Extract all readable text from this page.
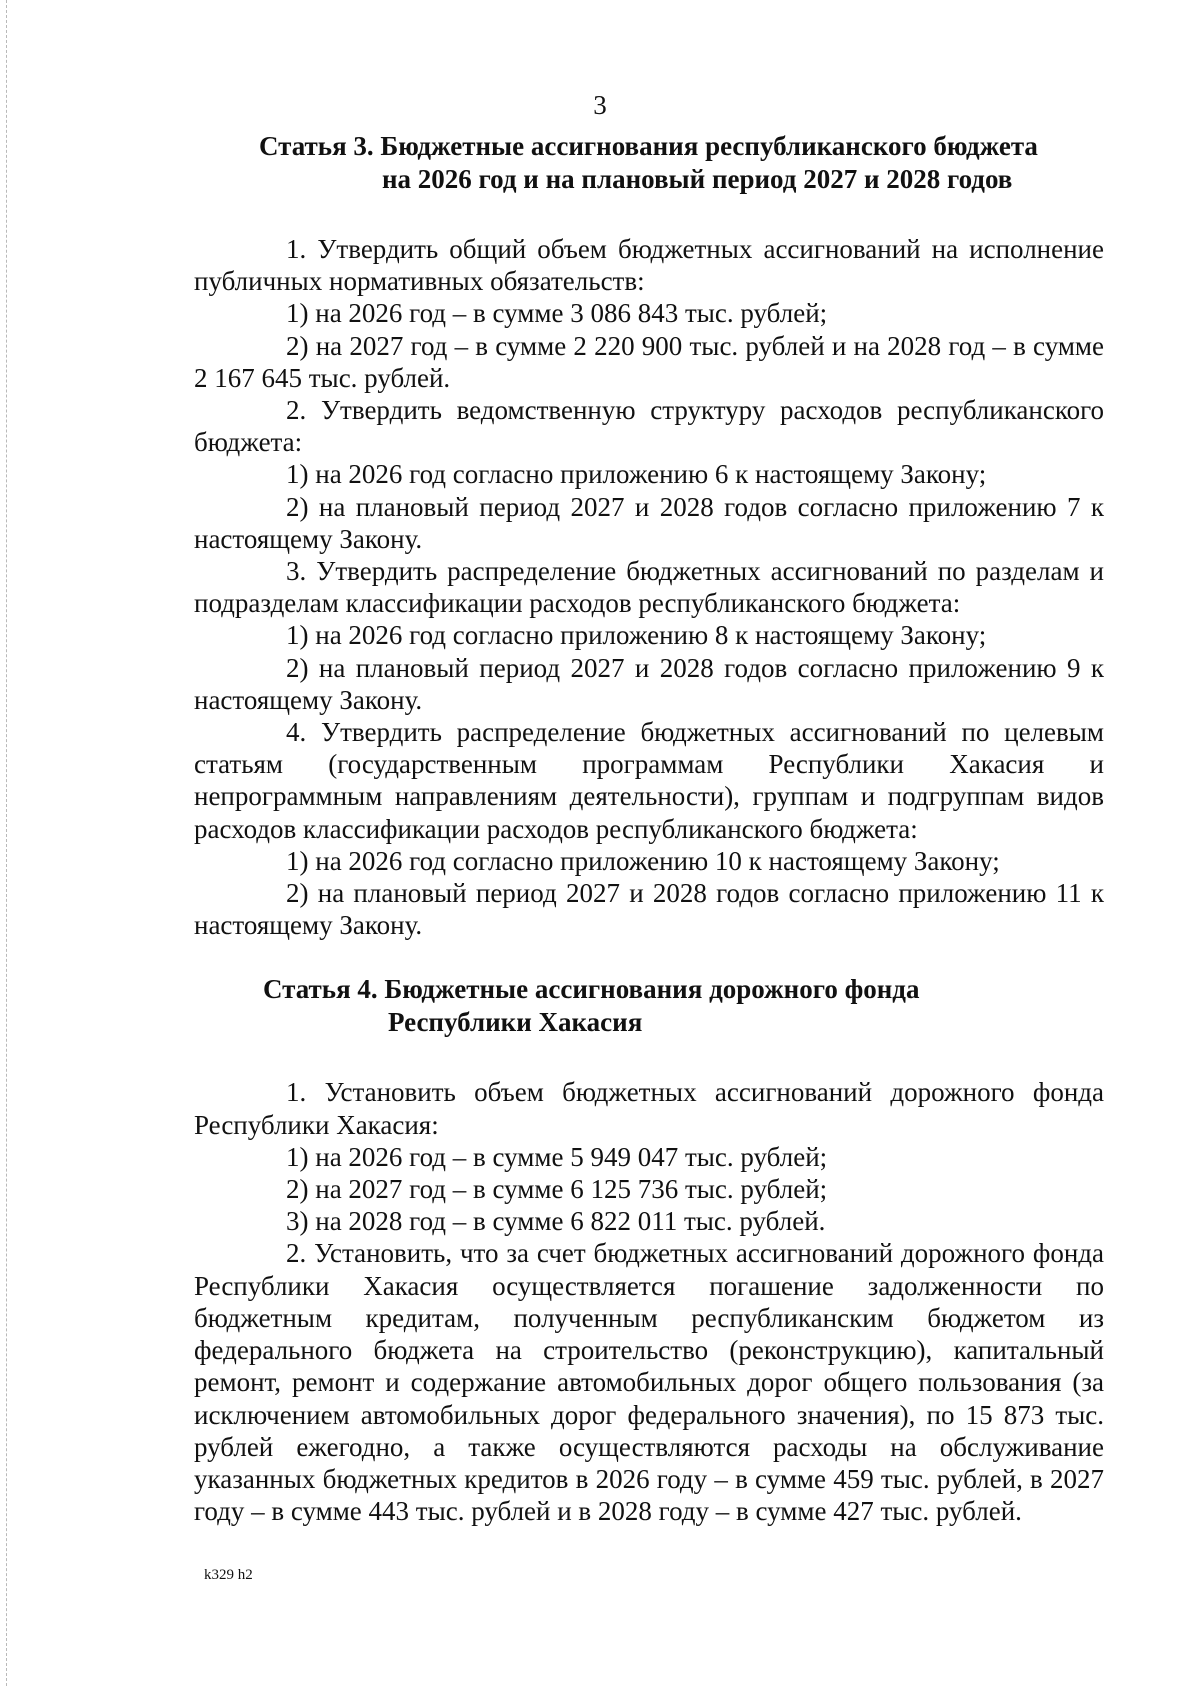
3
Статья 3. Бюджетные ассигнования республиканского бюджета
на 2026 год и на плановый период 2027 и 2028 годов

1. Утвердить общий объем бюджетных ассигнований на исполнение публичных нормативных обязательств:

1) на 2026 год – в сумме 3 086 843 тыс. рублей;

2) на 2027 год – в сумме 2 220 900 тыс. рублей и на 2028 год – в сумме 2 167 645 тыс. рублей.

2. Утвердить ведомственную структуру расходов республиканского бюджета:

1) на 2026 год согласно приложению 6 к настоящему Закону;

2) на плановый период 2027 и 2028 годов согласно приложению 7 к настоящему Закону.

3. Утвердить распределение бюджетных ассигнований по разделам и подразделам классификации расходов республиканского бюджета:

1) на 2026 год согласно приложению 8 к настоящему Закону;

2) на плановый период 2027 и 2028 годов согласно приложению 9 к настоящему Закону.

4. Утвердить распределение бюджетных ассигнований по целевым статьям (государственным программам Республики Хакасия и непрограммным направлениям деятельности), группам и подгруппам видов расходов классификации расходов республиканского бюджета:

1) на 2026 год согласно приложению 10 к настоящему Закону;

2) на плановый период 2027 и 2028 годов согласно приложению 11 к настоящему Закону.

Статья 4. Бюджетные ассигнования дорожного фонда
Республики Хакасия

1. Установить объем бюджетных ассигнований дорожного фонда Республики Хакасия:

1) на 2026 год – в сумме 5 949 047 тыс. рублей;

2) на 2027 год – в сумме 6 125 736 тыс. рублей;

3) на 2028 год – в сумме 6 822 011 тыс. рублей.

2. Установить, что за счет бюджетных ассигнований дорожного фонда Республики Хакасия осуществляется погашение задолженности по бюджетным кредитам, полученным республиканским бюджетом из федерального бюджета на строительство (реконструкцию), капитальный ремонт, ремонт и содержание автомобильных дорог общего пользования (за исключением автомобильных дорог федерального значения), по 15 873 тыс. рублей ежегодно, а также осуществляются расходы на обслуживание указанных бюджетных кредитов в 2026 году – в сумме 459 тыс. рублей, в 2027 году – в сумме 443 тыс. рублей и в 2028 году – в сумме 427 тыс. рублей.

k329 h2
